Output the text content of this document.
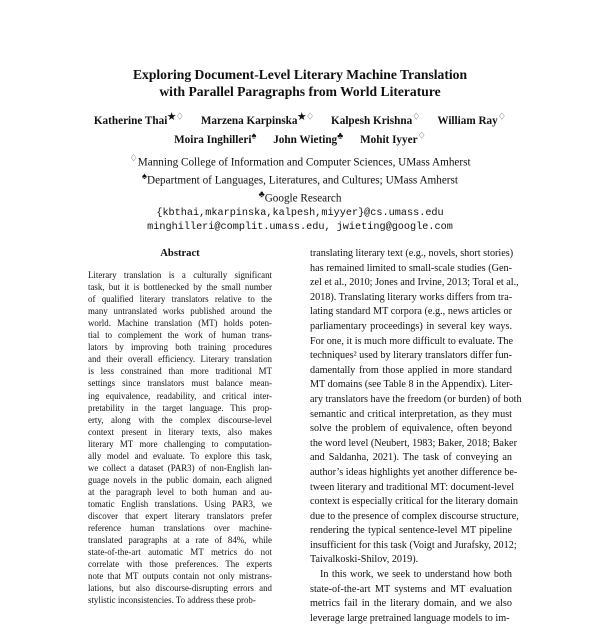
Exploring Document-Level Literary Machine Translation
with Parallel Paragraphs from World Literature
Katherine Thai★♢ Marzena Karpinska★♢ Kalpesh Krishna♢ William Ray♢
Moira Inghilleri♠ John Wieting♣ Mohit Iyyer♢
♢Manning College of Information and Computer Sciences, UMass Amherst
♠Department of Languages, Literatures, and Cultures; UMass Amherst
♣Google Research
{kbthai,mkarpinska,kalpesh,miyyer}@cs.umass.edu
minghilleri@complit.umass.edu, jwieting@google.com
Abstract
Literary translation is a culturally significant
task, but it is bottlenecked by the small number
of qualified literary translators relative to the
many untranslated works published around the
world. Machine translation (MT) holds poten-
tial to complement the work of human trans-
lators by improving both training procedures
and their overall efficiency. Literary translation
is less constrained than more traditional MT
settings since translators must balance mean-
ing equivalence, readability, and critical inter-
pretability in the target language. This prop-
erty, along with the complex discourse-level
context present in literary texts, also makes
literary MT more challenging to computation-
ally model and evaluate. To explore this task,
we collect a dataset (PAR3) of non-English lan-
guage novels in the public domain, each aligned
at the paragraph level to both human and au-
tomatic English translations. Using PAR3, we
discover that expert literary translators prefer
reference human translations over machine-
translated paragraphs at a rate of 84%, while
state-of-the-art automatic MT metrics do not
correlate with those preferences. The experts
note that MT outputs contain not only mistrans-
lations, but also discourse-disrupting errors and
stylistic inconsistencies. To address these prob-
translating literary text (e.g., novels, short stories)
has remained limited to small-scale studies (Gen-
zel et al., 2010; Jones and Irvine, 2013; Toral et al.,
2018). Translating literary works differs from tra-
lating standard MT corpora (e.g., news articles or
parliamentary proceedings) in several key ways.
For one, it is much more difficult to evaluate. The
techniques² used by literary translators differ fun-
damentally from those applied in more standard
MT domains (see Table 8 in the Appendix). Liter-
ary translators have the freedom (or burden) of both
semantic and critical interpretation, as they must
solve the problem of equivalence, often beyond
the word level (Neubert, 1983; Baker, 2018; Baker
and Saldanha, 2021). The task of conveying an
author’s ideas highlights yet another difference be-
tween literary and traditional MT: document-level
context is especially critical for the literary domain
due to the presence of complex discourse structure,
rendering the typical sentence-level MT pipeline
insufficient for this task (Voigt and Jurafsky, 2012;
Taivalkoski-Shilov, 2019).
In this work, we seek to understand how both
state-of-the-art MT systems and MT evaluation
metrics fail in the literary domain, and we also
leverage large pretrained language models to im-
